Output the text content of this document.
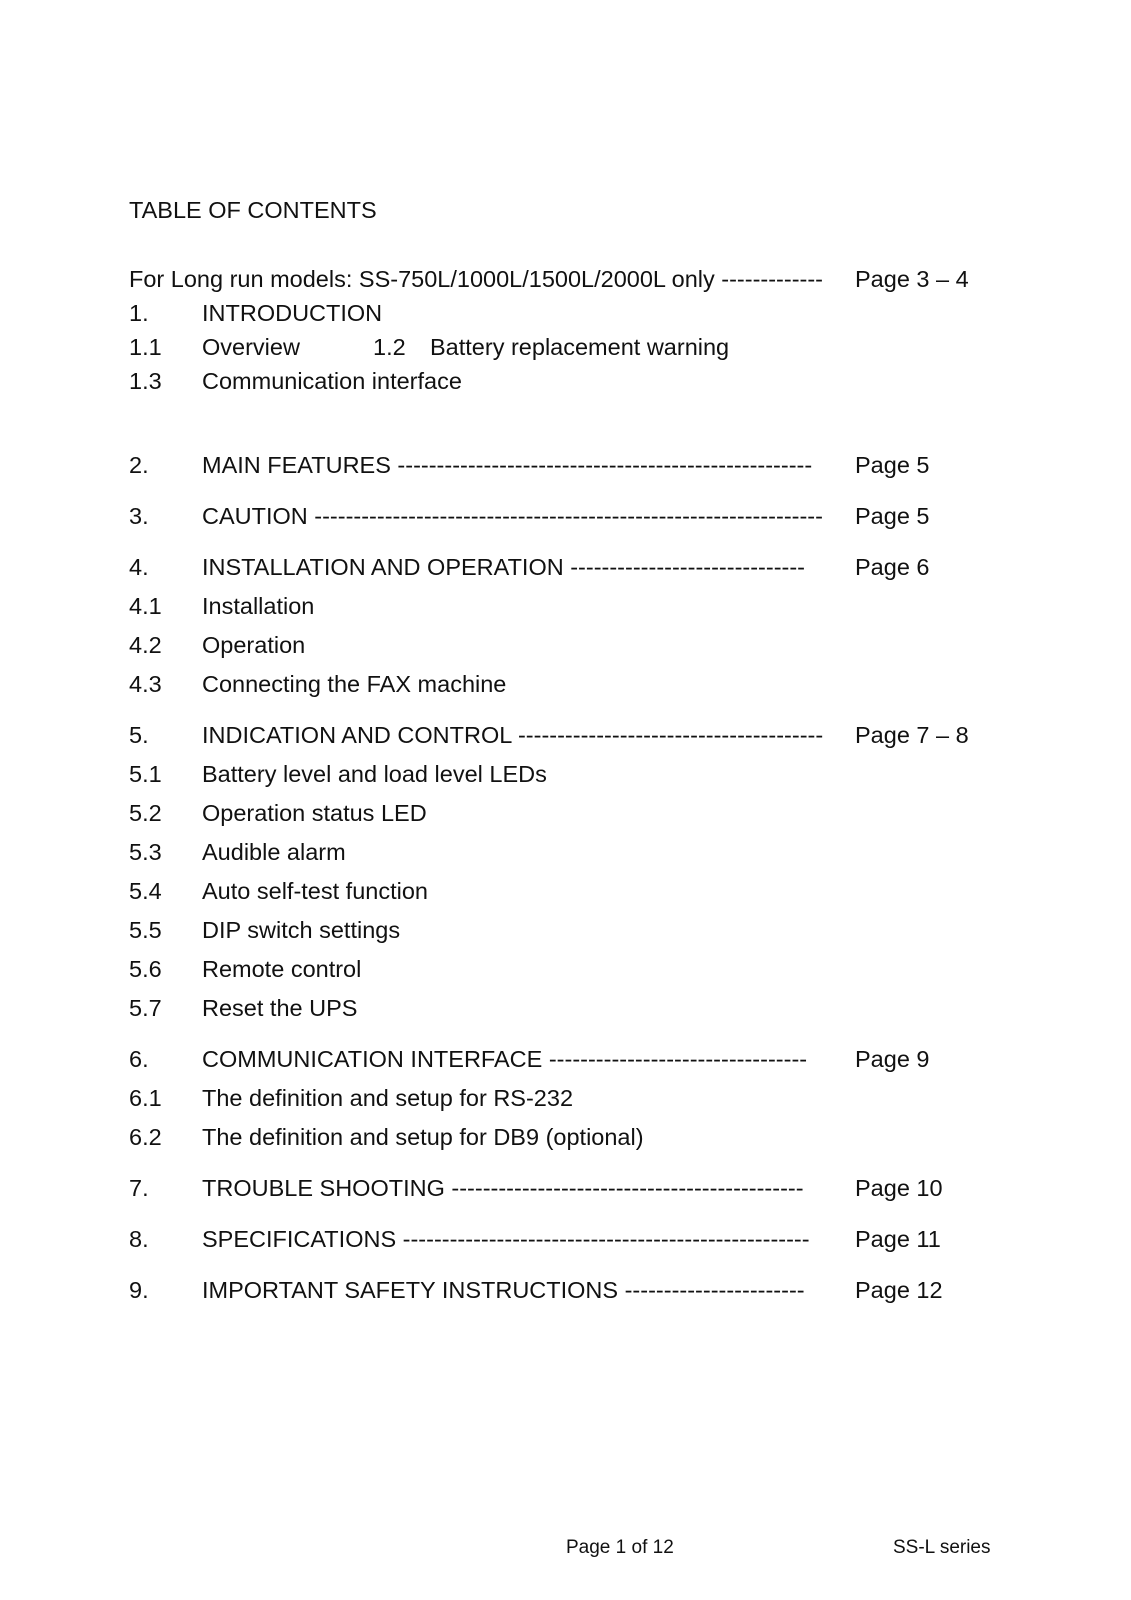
TABLE OF CONTENTS
For Long run models: SS-750L/1000L/1500L/2000L only ------------- Page 3 – 4
1. INTRODUCTION
1.1 Overview	1.2 Battery replacement warning
1.3 Communication interface
2. MAIN FEATURES ----------------------------------------------------- Page 5
3. CAUTION ----------------------------------------------------------------- Page 5
4. INSTALLATION AND OPERATION ------------------------------ Page 6
4.1 Installation
4.2 Operation
4.3 Connecting the FAX machine
5. INDICATION AND CONTROL --------------------------------------- Page 7 – 8
5.1 Battery level and load level LEDs
5.2 Operation status LED
5.3 Audible alarm
5.4 Auto self-test function
5.5 DIP switch settings
5.6 Remote control
5.7 Reset the UPS
6. COMMUNICATION INTERFACE --------------------------------- Page 9
6.1 The definition and setup for RS-232
6.2 The definition and setup for DB9 (optional)
7. TROUBLE SHOOTING --------------------------------------------- Page 10
8. SPECIFICATIONS ---------------------------------------------------- Page 11
9. IMPORTANT SAFETY INSTRUCTIONS ----------------------- Page 12
Page 1 of 12	SS-L series
